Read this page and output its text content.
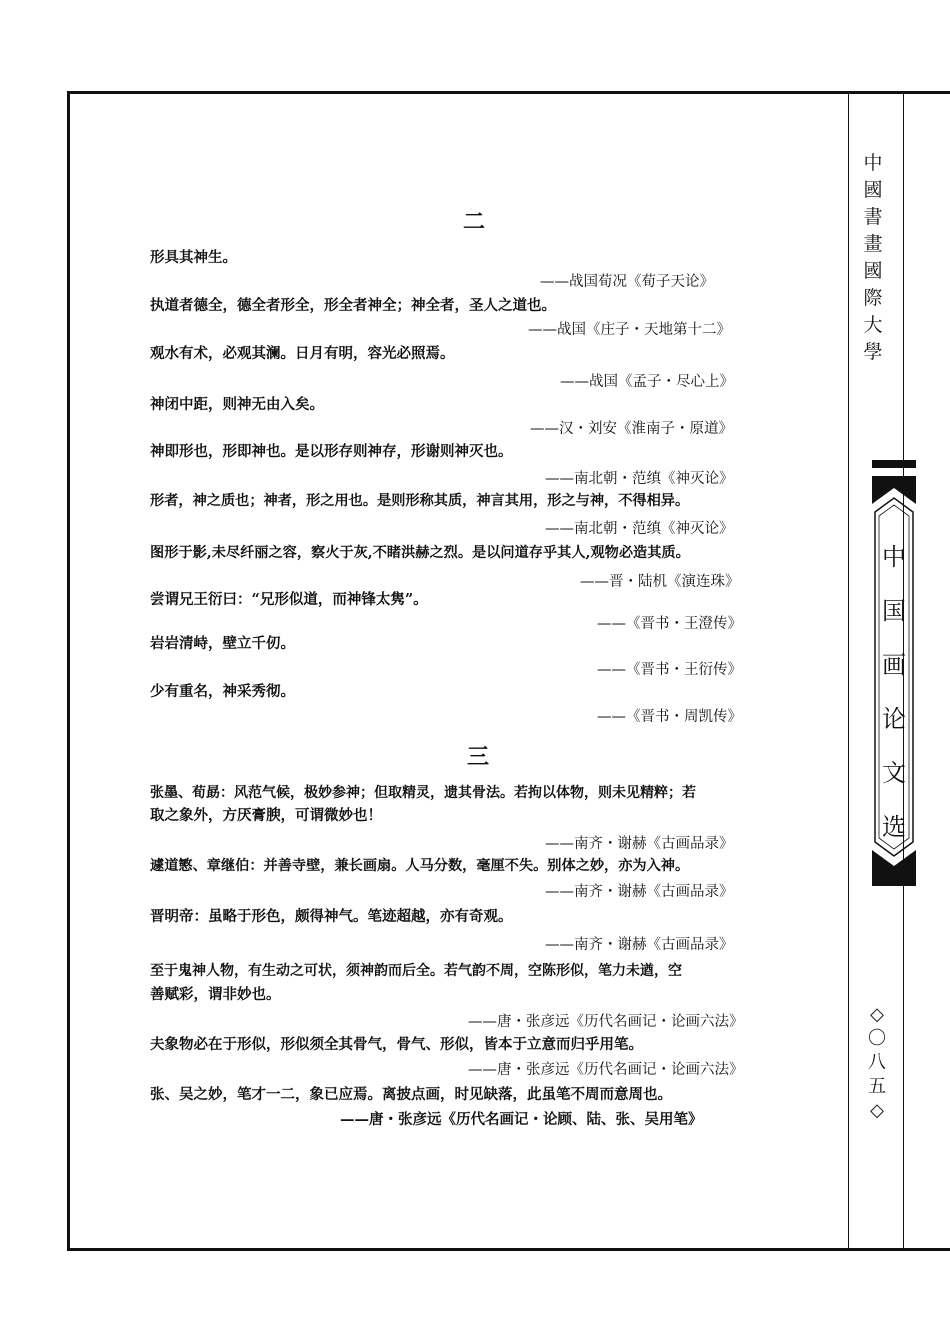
中
國
書
畫
國
際
大
學
中
国
画
论
文
选
◇
〇
八
五
◇
二
形具其神生。
——战国荀况《荀子天论》
执道者德全，德全者形全，形全者神全；神全者，圣人之道也。
——战国《庄子・天地第十二》
观水有术，必观其澜。日月有明，容光必照焉。
——战国《孟子・尽心上》
神闭中距，则神无由入矣。
——汉・刘安《淮南子・原道》
神即形也，形即神也。是以形存则神存，形谢则神灭也。
——南北朝・范缜《神灭论》
形者，神之质也；神者，形之用也。是则形称其质，神言其用，形之与神，不得相异。
——南北朝・范缜《神灭论》
图形于影,未尽纤丽之容，察火于灰,不睹洪赫之烈。是以问道存乎其人,观物必造其质。
——晋・陆机《演连珠》
尝谓兄王衍曰：“兄形似道，而神锋太隽”。
——《晋书・王澄传》
岩岩清峙，壁立千仞。
——《晋书・王衍传》
少有重名，神采秀彻。
——《晋书・周凯传》
三
张墨、荀勗：风范气候，极妙参神；但取精灵，遗其骨法。若拘以体物，则未见精粹；若
取之象外，方厌膏腴，可谓微妙也！
——南齐・谢赫《古画品录》
遽道慜、章继伯：并善寺壁，兼长画扇。人马分数，毫厘不失。别体之妙，亦为入神。
——南齐・谢赫《古画品录》
晋明帝：虽略于形色，颇得神气。笔迹超越，亦有奇观。
——南齐・谢赫《古画品录》
至于鬼神人物，有生动之可状，须神韵而后全。若气韵不周，空陈形似，笔力未遒，空
善赋彩，谓非妙也。
——唐・张彦远《历代名画记・论画六法》
夫象物必在于形似，形似须全其骨气，骨气、形似，皆本于立意而归乎用笔。
——唐・张彦远《历代名画记・论画六法》
张、吴之妙，笔才一二，象已应焉。离披点画，时见缺落，此虽笔不周而意周也。
——唐・张彦远《历代名画记・论顾、陆、张、吴用笔》
